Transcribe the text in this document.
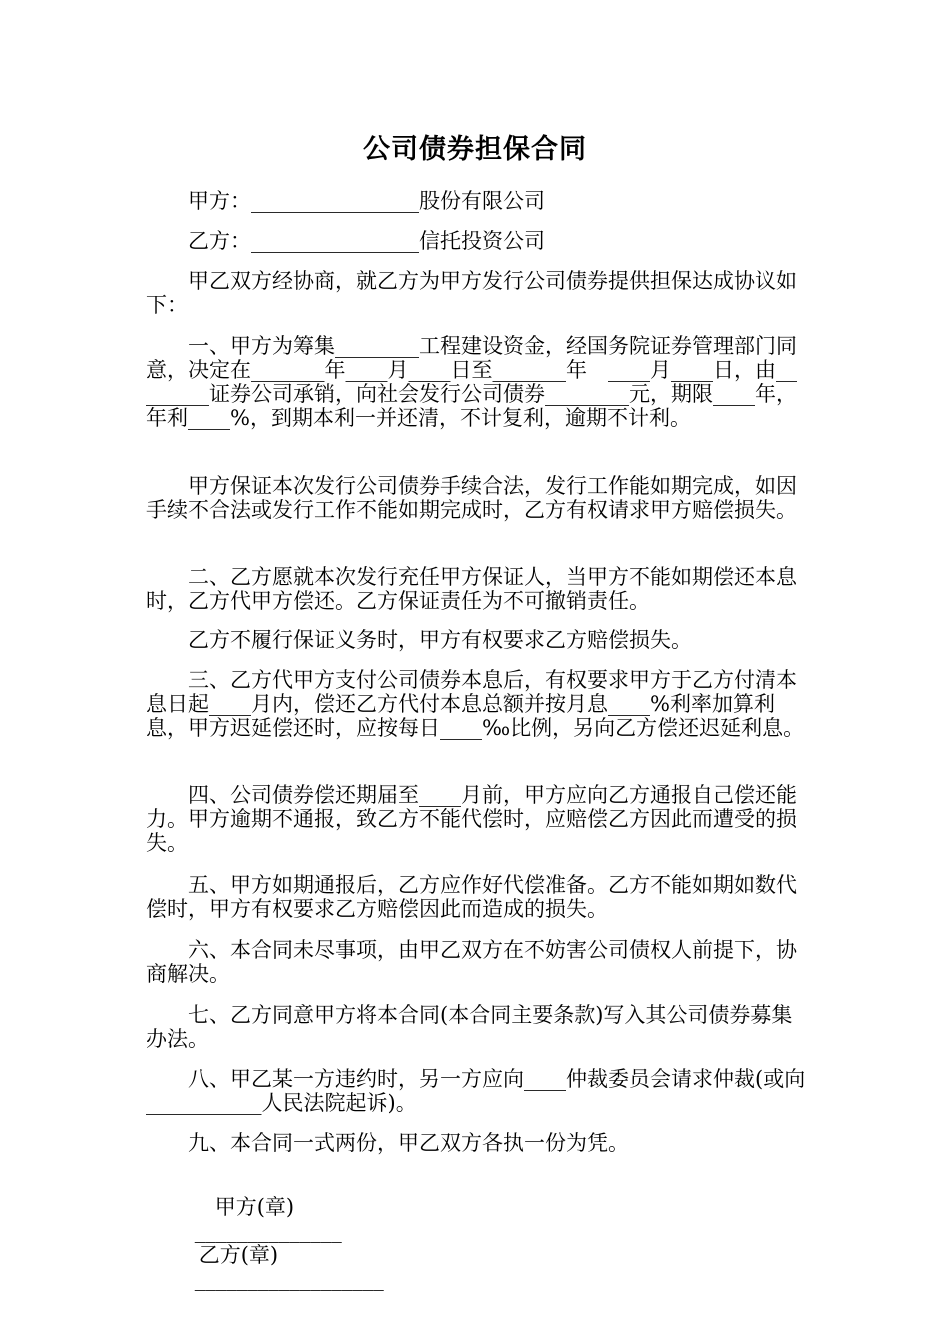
公司债券担保合同

甲方：________________股份有限公司

乙方：________________信托投资公司

甲乙双方经协商，就乙方为甲方发行公司债券提供担保达成协议如下：

一、甲方为筹集________工程建设资金，经国务院证券管理部门同意，决定在_______年____月____日至_______年　____月____日，由________证券公司承销，向社会发行公司债券________元，期限____年，年利____%，到期本利一并还清，不计复利，逾期不计利。

甲方保证本次发行公司债券手续合法，发行工作能如期完成，如因手续不合法或发行工作不能如期完成时，乙方有权请求甲方赔偿损失。

二、乙方愿就本次发行充任甲方保证人，当甲方不能如期偿还本息时，乙方代甲方偿还。乙方保证责任为不可撤销责任。

乙方不履行保证义务时，甲方有权要求乙方赔偿损失。

三、乙方代甲方支付公司债券本息后，有权要求甲方于乙方付清本息日起____月内，偿还乙方代付本息总额并按月息____%利率加算利息，甲方迟延偿还时，应按每日____‰比例，另向乙方偿还迟延利息。

四、公司债券偿还期届至____月前，甲方应向乙方通报自己偿还能力。甲方逾期不通报，致乙方不能代偿时，应赔偿乙方因此而遭受的损失。

五、甲方如期通报后，乙方应作好代偿准备。乙方不能如期如数代偿时，甲方有权要求乙方赔偿因此而造成的损失。

六、本合同未尽事项，由甲乙双方在不妨害公司债权人前提下，协商解决。

七、乙方同意甲方将本合同(本合同主要条款)写入其公司债券募集办法。

八、甲乙某一方违约时，另一方应向____仲裁委员会请求仲裁(或向___________人民法院起诉)。

九、本合同一式两份，甲乙双方各执一份为凭。

甲方(章)
______________
乙方(章)
__________________
